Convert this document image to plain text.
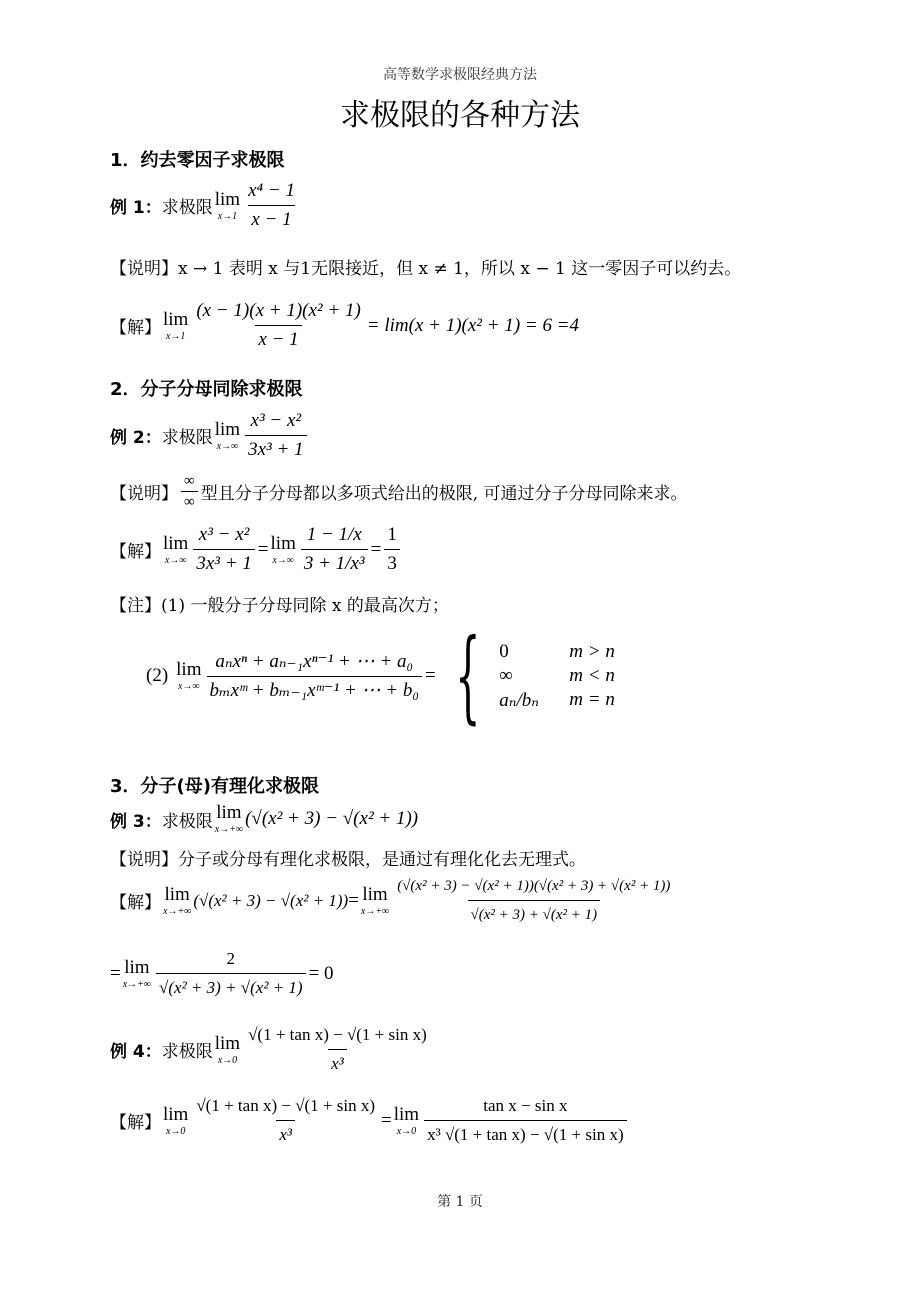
高等数学求极限经典方法
求极限的各种方法
1．约去零因子求极限
例 1： 求极限 lim
$x\to 1 \frac{\text{x⁴ − 1}}{x - 1}$
【说明】 x → 1 表明 x 与1无限接近，但 x ≠ 1，所以 x − 1 这一零因子可以约去。
【解】 lim
$x\to 1 \frac{\text{(x − 1)(x + 1)(x² + 1)}}{x - 1} = \lim(x + 1)(x^2 + 1) = 6 =4$
2．分子分母同除求极限
例 2： 求极限 lim
$x\to\infty \frac{\text{x³ − x²}}{\text{3x³ + 1}}$
【说明】 $\frac{\infty}{\infty}$ 型且分子分母都以多项式给出的极限, 可通过分子分母同除来求。
【解】 lim
$x\to\infty \frac{\text{x³ − x²}}{\text{3x³ + 1}} = \lim$
$x\to\infty \frac{1 - 1/x}{\text{3 + 1/x³}} = \frac{1}{3}$
【注】 (1) 一般分子分母同除 x 的最高次方；
(2) lim
$x\to\infty \frac{\text{aₙxⁿ + aₙ₋₁xⁿ⁻¹ + ⋯ + a₀}}{\text{bₘxᵐ + bₘ₋₁xᵐ⁻¹ + ⋯ + b₀}}$ = { 0	m > n
∞	m < n
aₙ/bₙ	m = n
3．分子(母)有理化求极限
例 3： 求极限 lim
x→+∞
(√(x² + 3) − √(x² + 1))
【说明】 分子或分母有理化求极限，是通过有理化化去无理式。
【解】 lim
x→+∞
(√(x² + 3) − √(x² + 1)) = lim
$x\to+\infty \frac{\text{(√(x² + 3) − √(x² + 1))(√(x² + 3) + √(x² + 1))}}{\text{√(x² + 3) + √(x² + 1)}}$
= lim
$x\to+\infty \frac{2}{\text{√(x² + 3) + √(x² + 1)}} = 0$
例 4： 求极限 lim
$x\to 0 \frac{\text{√(1 + tan x) − √(1 + sin x)}}{\text{x³}}$
【解】 lim
$x\to 0 \frac{\text{√(1 + tan x) − √(1 + sin x)}}{\text{x³}} = \lim$
$x\to 0 \frac{\text{tan x − sin x}}{\text{x³ √(1 + tan x) − √(1 + sin x)}}$
第 1 页
